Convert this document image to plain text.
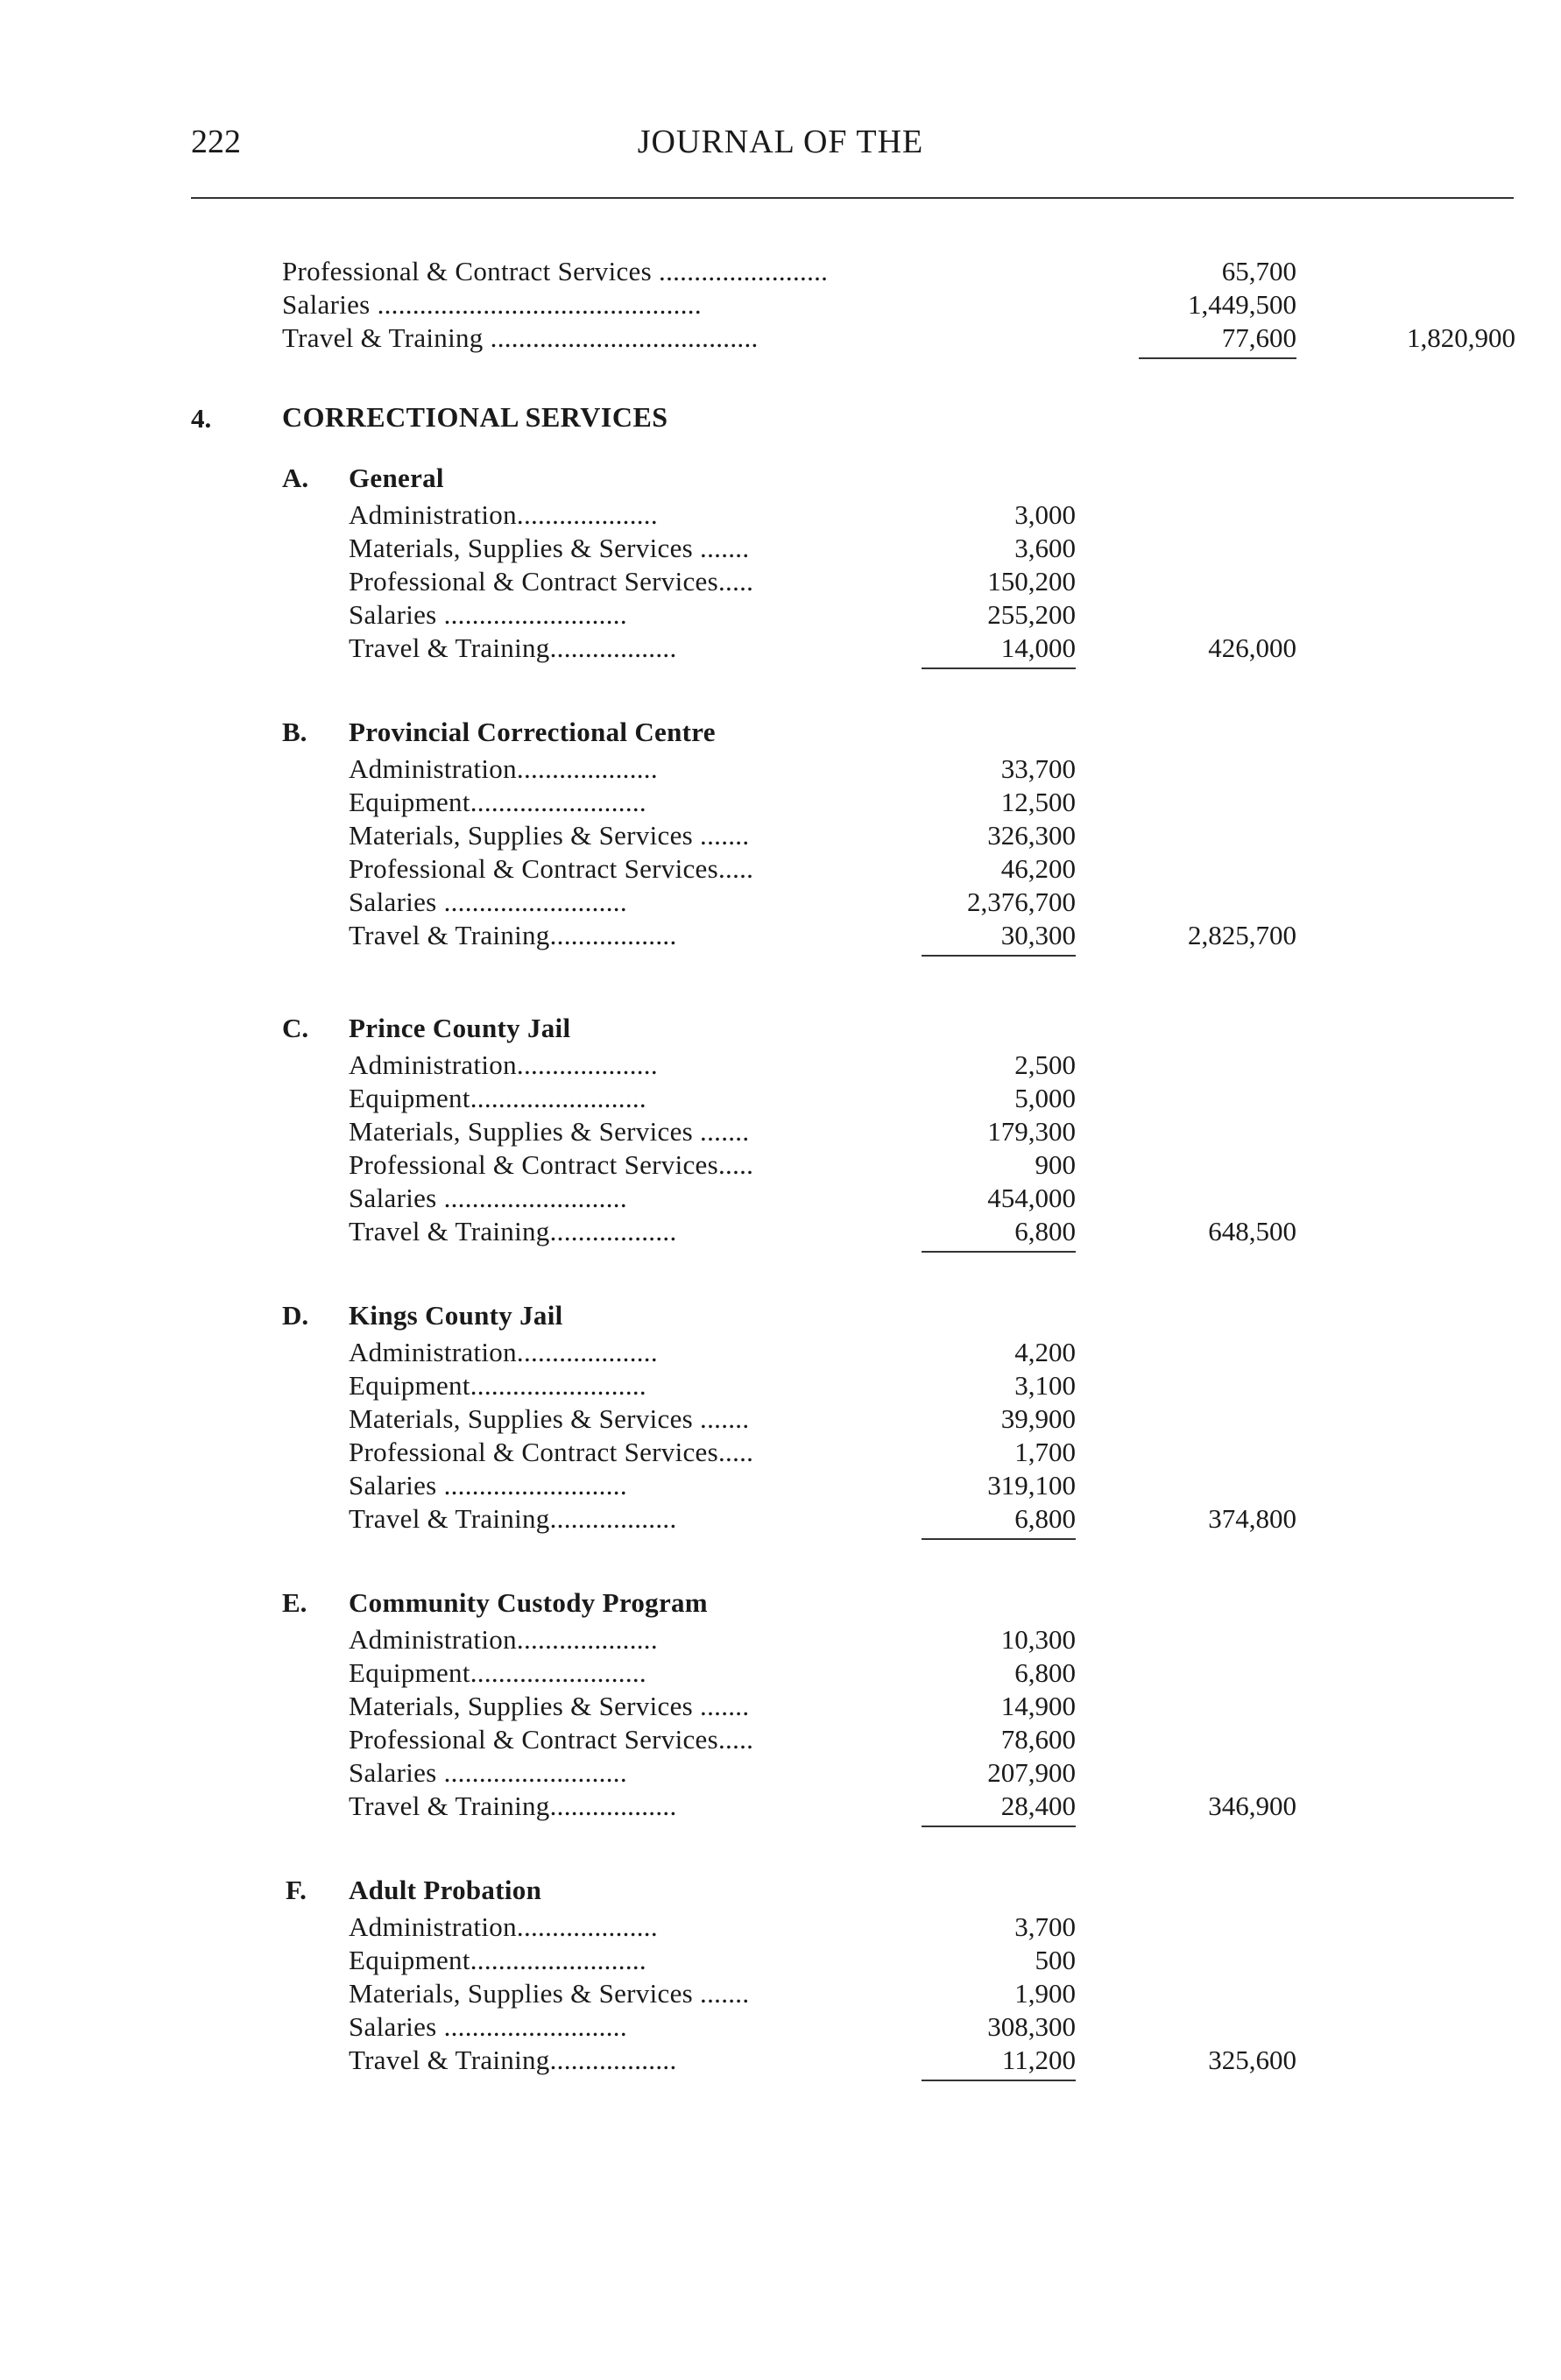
222	JOURNAL OF THE
Professional & Contract Services ........................	65,700
Salaries ..............................................	1,449,500
Travel & Training ......................................	77,600	1,820,900
4.	CORRECTIONAL SERVICES
A. General
Administration....................	3,000
Materials, Supplies & Services .......	3,600
Professional & Contract Services.....	150,200
Salaries ..........................	255,200
Travel & Training..................	14,000	426,000
B. Provincial Correctional Centre
Administration....................	33,700
Equipment.........................	12,500
Materials, Supplies & Services .......	326,300
Professional & Contract Services.....	46,200
Salaries ..........................	2,376,700
Travel & Training..................	30,300	2,825,700
C. Prince County Jail
Administration....................	2,500
Equipment.........................	5,000
Materials, Supplies & Services .......	179,300
Professional & Contract Services.....	900
Salaries ..........................	454,000
Travel & Training..................	6,800	648,500
D. Kings County Jail
Administration....................	4,200
Equipment.........................	3,100
Materials, Supplies & Services .......	39,900
Professional & Contract Services.....	1,700
Salaries ..........................	319,100
Travel & Training..................	6,800	374,800
E. Community Custody Program
Administration....................	10,300
Equipment.........................	6,800
Materials, Supplies & Services .......	14,900
Professional & Contract Services.....	78,600
Salaries ..........................	207,900
Travel & Training..................	28,400	346,900
F. Adult Probation
Administration....................	3,700
Equipment.........................	500
Materials, Supplies & Services .......	1,900
Salaries ..........................	308,300
Travel & Training..................	11,200	325,600
